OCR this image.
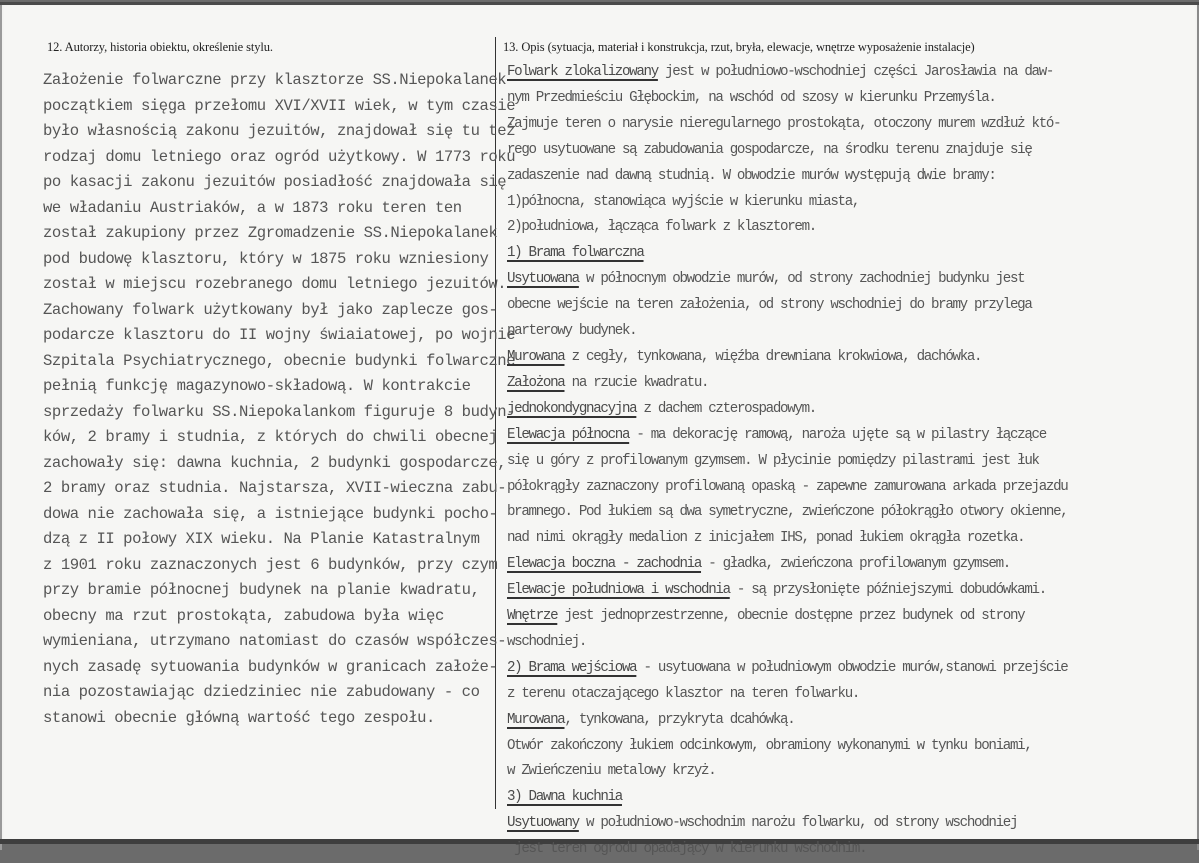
12. Autorzy, historia obiektu, określenie stylu.	13. Opis (sytuacja, materiał i konstrukcja, rzut, bryła, elewacje, wnętrze wyposażenie instalacje)
Założenie folwarczne przy klasztorze SS.Niepokalanek
początkiem sięga przełomu XVI/XVII wiek, w tym czasie
było własnością zakonu jezuitów, znajdował się tu też
rodzaj domu letniego oraz ogród użytkowy. W 1773 roku
po kasacji zakonu jezuitów posiadłość znajdowała się
we władaniu Austriaków, a w 1873 roku teren ten
został zakupiony przez Zgromadzenie SS.Niepokalanek
pod budowę klasztoru, który w 1875 roku wzniesiony
został w miejscu rozebranego domu letniego jezuitów.
Zachowany folwark użytkowany był jako zaplecze gos-
podarcze klasztoru do II wojny świaiatowej, po wojnie
Szpitala Psychiatrycznego, obecnie budynki folwarczne
pełnią funkcję magazynowo-składową. W kontrakcie
sprzedaży folwarku SS.Niepokalankom figuruje 8 budyn-
ków, 2 bramy i studnia, z których do chwili obecnej
zachowały się: dawna kuchnia, 2 budynki gospodarcze,
2 bramy oraz studnia. Najstarsza, XVII-wieczna zabu-
dowa nie zachowała się, a istniejące budynki pocho-
dzą z II połowy XIX wieku. Na Planie Katastralnym
z 1901 roku zaznaczonych jest 6 budynków, przy czym
przy bramie północnej budynek na planie kwadratu,
obecny ma rzut prostokąta, zabudowa była więc
wymieniana, utrzymano natomiast do czasów współczes-
nych zasadę sytuowania budynków w granicach założe-
nia pozostawiając dziedziniec nie zabudowany - co
stanowi obecnie główną wartość tego zespołu.
Folwark zlokalizowany jest w południowo-wschodniej części Jarosławia na daw-
nym Przedmieściu Głębockim, na wschód od szosy w kierunku Przemyśla.
Zajmuje teren o narysie nieregularnego prostokąta, otoczony murem wzdłuż któ-
rego usytuowane są zabudowania gospodarcze, na środku terenu znajduje się
zadaszenie nad dawną studnią. W obwodzie murów występują dwie bramy:
1)północna, stanowiąca wyjście w kierunku miasta,
2)południowa, łącząca folwark z klasztorem.
1) Brama folwarczna
Usytuowana w północnym obwodzie murów, od strony zachodniej budynku jest
obecne wejście na teren założenia, od strony wschodniej do bramy przylega
parterowy budynek.
Murowana z cegły, tynkowana, więźba drewniana krokwiowa, dachówka.
Założona na rzucie kwadratu.
jednokondygnacyjna z dachem czterospadowym.
Elewacja północna - ma dekorację ramową, naroża ujęte są w pilastry łączące
się u góry z profilowanym gzymsem. W płycinie pomiędzy pilastrami jest łuk
półokrągły zaznaczony profilowaną opaską - zapewne zamurowana arkada przejazdu
bramnego. Pod łukiem są dwa symetryczne, zwieńczone półokrągło otwory okienne,
nad nimi okrągły medalion z inicjałem IHS, ponad łukiem okrągła rozetka.
Elewacja boczna - zachodnia - gładka, zwieńczona profilowanym gzymsem.
Elewacje południowa i wschodnia - są przysłonięte późniejszymi dobudówkami.
Wnętrze jest jednoprzestrzenne, obecnie dostępne przez budynek od strony
wschodniej.
2) Brama wejściowa - usytuowana w południowym obwodzie murów,stanowi przejście
z terenu otaczającego klasztor na teren folwarku.
Murowana, tynkowana, przykryta dcahówką.
Otwór zakończony łukiem odcinkowym, obramiony wykonanymi w tynku boniami,
w Zwieńczeniu metalowy krzyż.
3) Dawna kuchnia
Usytuowany w południowo-wschodnim narożu folwarku, od strony wschodniej
jest teren ogrodu opadający w kierunku wschodnim.
